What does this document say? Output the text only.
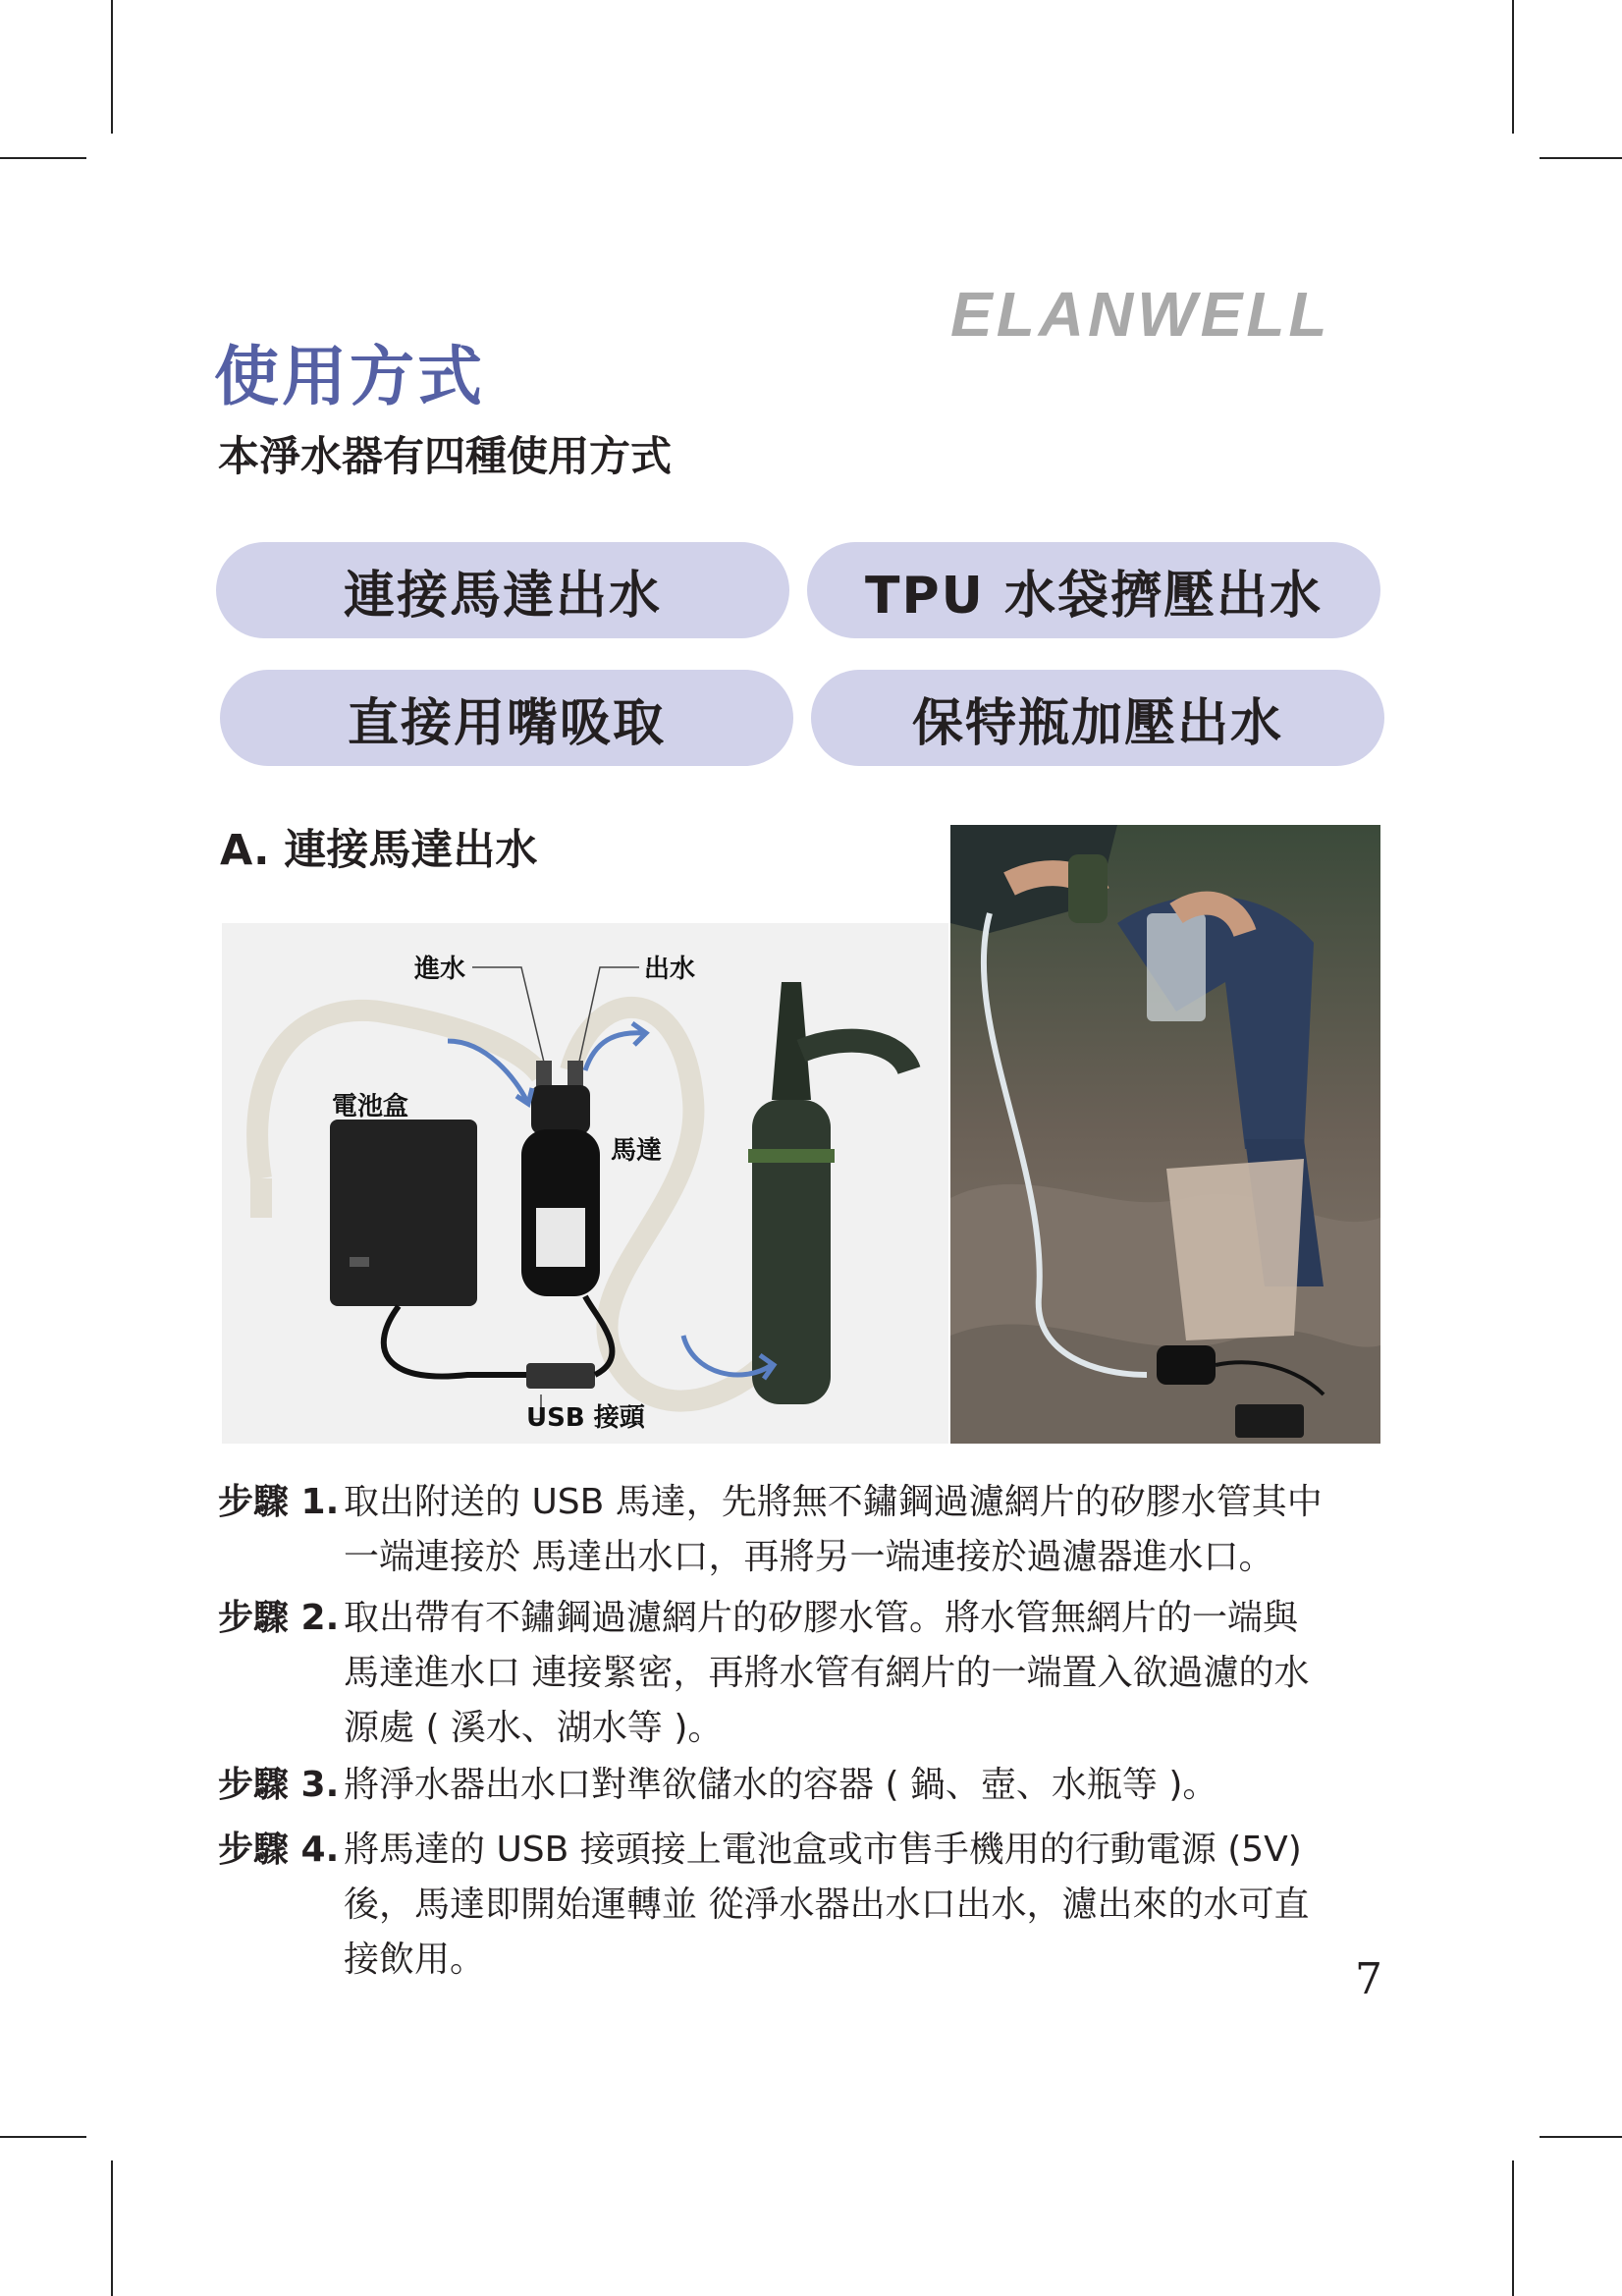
ELANWELL
使用方式

本淨水器有四種使用方式

連接馬達出水	TPU 水袋擠壓出水
直接用嘴吸取	保特瓶加壓出水

A. 連接馬達出水

進水	出水
電池盒
馬達
USB 接頭
步驟 1. 取出附送的 USB 馬達，先將無不鏽鋼過濾網片的矽膠水管其中
一端連接於 馬達出水口，再將另一端連接於過濾器進水口。
步驟 2. 取出帶有不鏽鋼過濾網片的矽膠水管。將水管無網片的一端與
馬達進水口 連接緊密，再將水管有網片的一端置入欲過濾的水
源處 ( 溪水、湖水等 )。
步驟 3. 將淨水器出水口對準欲儲水的容器 ( 鍋、壺、水瓶等 )。
步驟 4. 將馬達的 USB 接頭接上電池盒或市售手機用的行動電源 (5V)
後，馬達即開始運轉並 從淨水器出水口出水，濾出來的水可直
接飲用。	7
